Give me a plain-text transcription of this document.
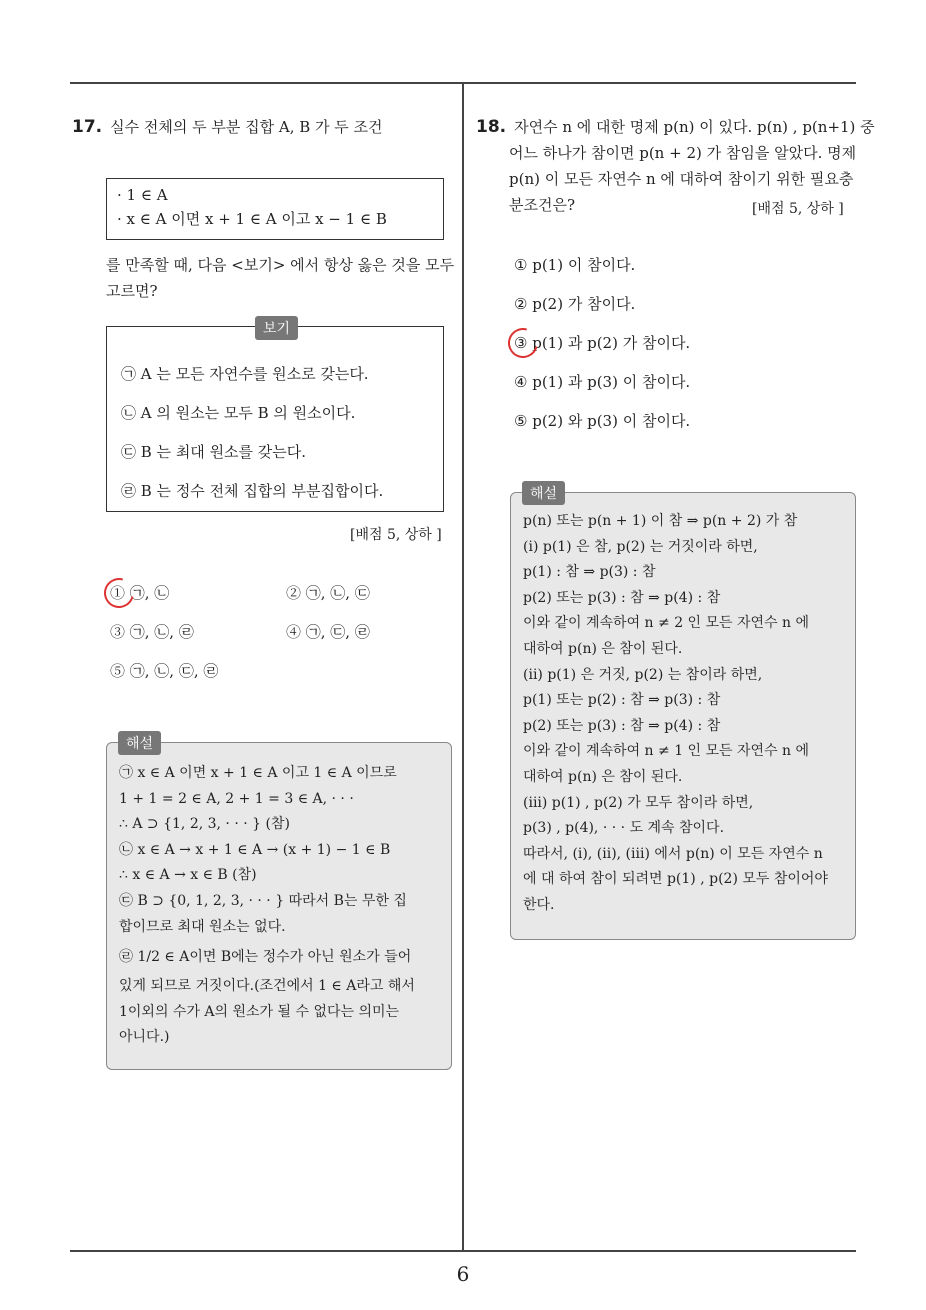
17. 실수 전체의 두 부분 집합 A, B 가 두 조건

· 1 ∈ A

· x ∈ A 이면 x + 1 ∈ A 이고 x − 1 ∈ B

를 만족할 때, 다음 <보기> 에서 항상 옳은 것을 모두

고르면?

㉠ A 는 모든 자연수를 원소로 갖는다.

㉡ A 의 원소는 모두 B 의 원소이다.

㉢ B 는 최대 원소를 갖는다.

㉣ B 는 정수 전체 집합의 부분집합이다.

보기
[배점 5, 상하 ]
① ㉠, ㉡	② ㉠, ㉡, ㉢
③ ㉠, ㉡, ㉣	④ ㉠, ㉢, ㉣
⑤ ㉠, ㉡, ㉢, ㉣

㉠ x ∈ A 이면 x + 1 ∈ A 이고 1 ∈ A 이므로

1 + 1 = 2 ∈ A, 2 + 1 = 3 ∈ A, · · ·

∴ A ⊃ {1, 2, 3, · · · } (참)

㉡ x ∈ A → x + 1 ∈ A → (x + 1) − 1 ∈ B

∴ x ∈ A → x ∈ B (참)

㉢ B ⊃ {0, 1, 2, 3, · · · } 따라서 B는 무한 집

합이므로 최대 원소는 없다.

㉣ 1/2 ∈ A이면 B에는 정수가 아닌 원소가 들어

있게 되므로 거짓이다.(조건에서 1 ∈ A라고 해서

1이외의 수가 A의 원소가 될 수 없다는 의미는

아니다.)

해설

18. 자연수 n 에 대한 명제 p(n) 이 있다. p(n) , p(n+1) 중

어느 하나가 참이면 p(n + 2) 가 참임을 알았다. 명제

p(n) 이 모든 자연수 n 에 대하여 참이기 위한 필요충

분조건은?	[배점 5, 상하 ]
① p(1) 이 참이다.
② p(2) 가 참이다.
③ p(1) 과 p(2) 가 참이다.
④ p(1) 과 p(3) 이 참이다.
⑤ p(2) 와 p(3) 이 참이다.

p(n) 또는 p(n + 1) 이 참 ⇒ p(n + 2) 가 참

(i) p(1) 은 참, p(2) 는 거짓이라 하면,

p(1) : 참 ⇒ p(3) : 참

p(2) 또는 p(3) : 참 ⇒ p(4) : 참

이와 같이 계속하여 n ≠ 2 인 모든 자연수 n 에

대하여 p(n) 은 참이 된다.

(ii) p(1) 은 거짓, p(2) 는 참이라 하면,

p(1) 또는 p(2) : 참 ⇒ p(3) : 참

p(2) 또는 p(3) : 참 ⇒ p(4) : 참

이와 같이 계속하여 n ≠ 1 인 모든 자연수 n 에

대하여 p(n) 은 참이 된다.

(iii) p(1) , p(2) 가 모두 참이라 하면,

p(3) , p(4), · · · 도 계속 참이다.

따라서, (i), (ii), (iii) 에서 p(n) 이 모든 자연수 n

에 대 하여 참이 되려면 p(1) , p(2) 모두 참이어야

한다.

해설
6
